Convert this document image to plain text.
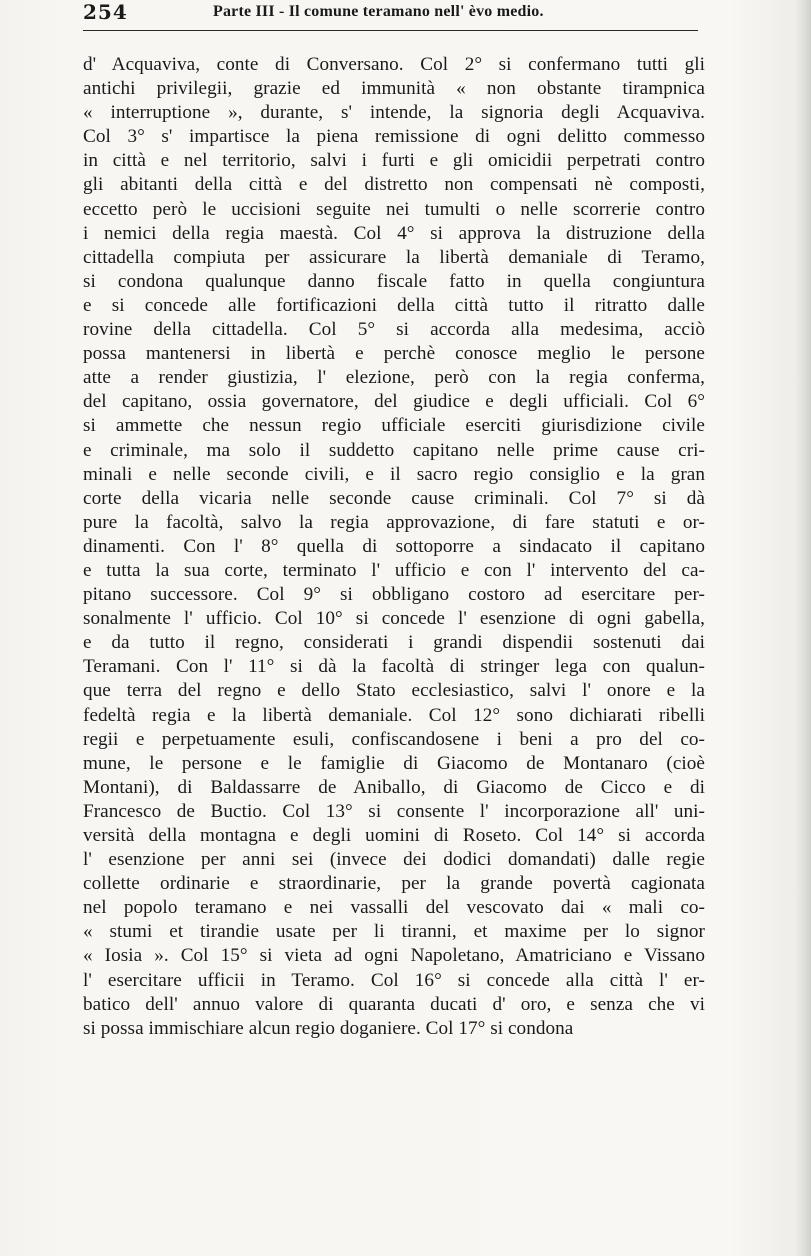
254	Parte III - Il comune teramano nell' èvo medio.
d' Acquaviva, conte di Conversano. Col 2° si confermano tutti gli
antichi privilegii, grazie ed immunità « non obstante tirampnica
« interruptione », durante, s' intende, la signoria degli Acquaviva.
Col 3° s' impartisce la piena remissione di ogni delitto commesso
in città e nel territorio, salvi i furti e gli omicidii perpetrati contro
gli abitanti della città e del distretto non compensati nè composti,
eccetto però le uccisioni seguite nei tumulti o nelle scorrerie contro
i nemici della regia maestà. Col 4° si approva la distruzione della
cittadella compiuta per assicurare la libertà demaniale di Teramo,
si condona qualunque danno fiscale fatto in quella congiuntura
e si concede alle fortificazioni della città tutto il ritratto dalle
rovine della cittadella. Col 5° si accorda alla medesima, acciò
possa mantenersi in libertà e perchè conosce meglio le persone
atte a render giustizia, l' elezione, però con la regia conferma,
del capitano, ossia governatore, del giudice e degli ufficiali. Col 6°
si ammette che nessun regio ufficiale eserciti giurisdizione civile
e criminale, ma solo il suddetto capitano nelle prime cause cri-
minali e nelle seconde civili, e il sacro regio consiglio e la gran
corte della vicaria nelle seconde cause criminali. Col 7° si dà
pure la facoltà, salvo la regia approvazione, di fare statuti e or-
dinamenti. Con l' 8° quella di sottoporre a sindacato il capitano
e tutta la sua corte, terminato l' ufficio e con l' intervento del ca-
pitano successore. Col 9° si obbligano costoro ad esercitare per-
sonalmente l' ufficio. Col 10° si concede l' esenzione di ogni gabella,
e da tutto il regno, considerati i grandi dispendii sostenuti dai
Teramani. Con l' 11° si dà la facoltà di stringer lega con qualun-
que terra del regno e dello Stato ecclesiastico, salvi l' onore e la
fedeltà regia e la libertà demaniale. Col 12° sono dichiarati ribelli
regii e perpetuamente esuli, confiscandosene i beni a pro del co-
mune, le persone e le famiglie di Giacomo de Montanaro (cioè
Montani), di Baldassarre de Aniballo, di Giacomo de Cicco e di
Francesco de Buctio. Col 13° si consente l' incorporazione all' uni-
versità della montagna e degli uomini di Roseto. Col 14° si accorda
l' esenzione per anni sei (invece dei dodici domandati) dalle regie
collette ordinarie e straordinarie, per la grande povertà cagionata
nel popolo teramano e nei vassalli del vescovato dai « mali co-
« stumi et tirandie usate per li tiranni, et maxime per lo signor
« Iosia ». Col 15° si vieta ad ogni Napoletano, Amatriciano e Vissano
l' esercitare ufficii in Teramo. Col 16° si concede alla città l' er-
batico dell' annuo valore di quaranta ducati d' oro, e senza che vi
si possa immischiare alcun regio doganiere. Col 17° si condona
